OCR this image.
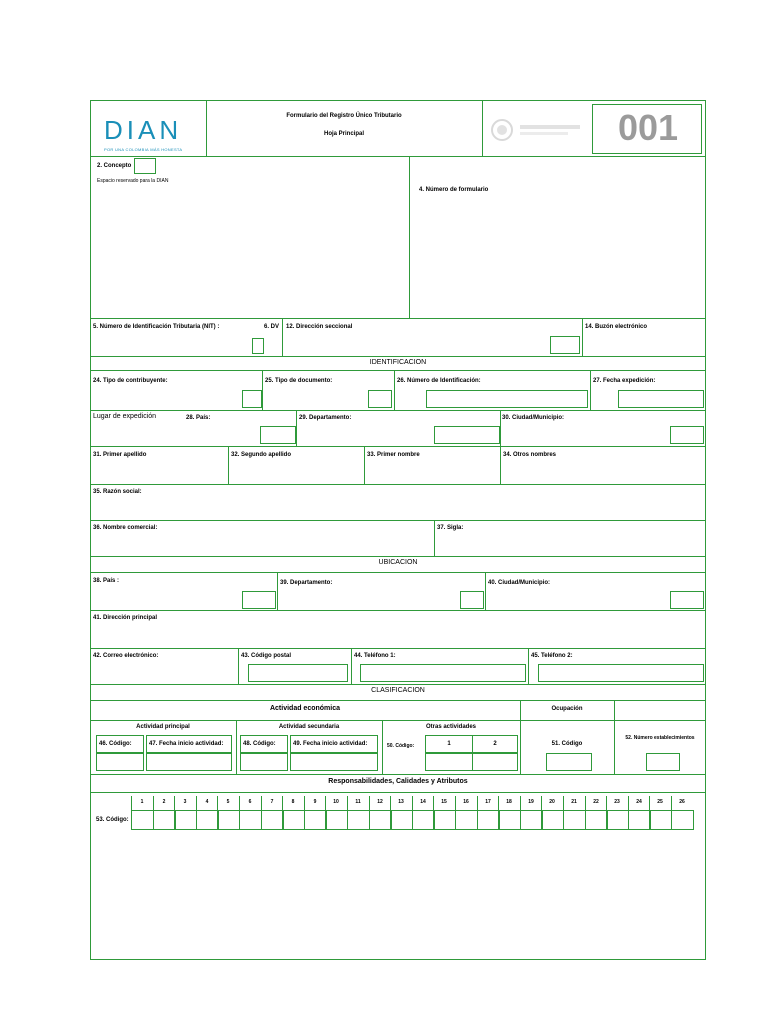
DIAN
POR UNA COLOMBIA MÁS HONESTA
Formulario del Registro Único Tributario
Hoja Principal	001
2. Concepto
Espacio reservado para la DIAN
4. Número de formulario
5. Número de Identificación Tributaria (NIT) :	6. DV 12. Dirección seccional	14. Buzón electrónico
IDENTIFICACION
24. Tipo de contribuyente:	25. Tipo de documento:	26. Número de Identificación:	27. Fecha expedición:
Lugar de expedición	28. País:	29. Departamento:	30. Ciudad/Municipio:
31. Primer apellido	32. Segundo apellido	33. Primer nombre	34. Otros nombres
35. Razón social:
36. Nombre comercial:	37. Sigla:
UBICACION
38. País :	39. Departamento:	40. Ciudad/Municipio:
41. Dirección principal
42. Correo electrónico:	43. Código postal	44. Teléfono 1:	45. Teléfono 2:
CLASIFICACION
Actividad económica	Ocupación
Actividad principal	Actividad secundaria	Otras actividades
46. Código:	47. Fecha inicio actividad:	48. Código:	49. Fecha inicio actividad:	50. Código:	1	2	51. Código
52. Número establecimientos
Responsabilidades, Calidades y Atributos
53. Código:
1	2	3	4	5	6	7	8	9	10	11	12	13	14	15	16	17	18	19	20	21	22	23	24	25	26
